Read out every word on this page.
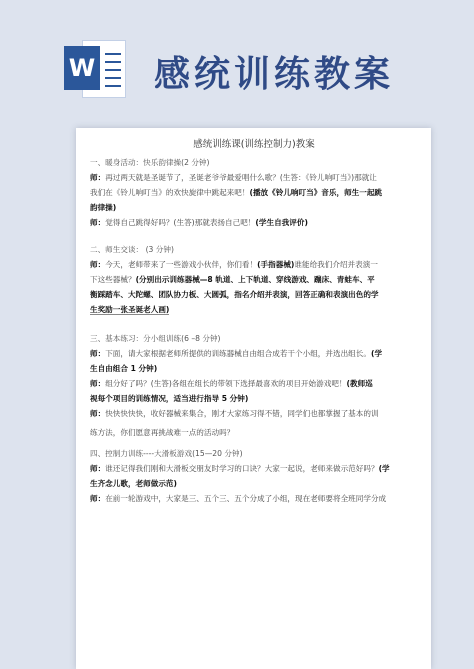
W 感统训练教案

感统训练课(训练控制力)教案

一、暖身活动：快乐韵律操(2 分钟)

师：再过两天就是圣诞节了，圣诞老爷爷最爱唱什么歌？(生答：《铃儿响叮当》)那就让

我们在《铃儿响叮当》的欢快旋律中跳起来吧！(播放《铃儿响叮当》音乐，师生一起跳

韵律操)

师：觉得自己跳得好吗？(生答)那就表扬自己吧！(学生自我评价)

二、师生交谈： (3 分钟)

师：今天，老师带来了一些游戏小伙伴，你们看！(手指器械)谁能给我们介绍并表演一

下这些器械？(分别出示训练器械—8 轨道、上下轨道、穿线游戏、蹦床、青蛙车、平

衡踩踏车、大陀螺、团队协力板、大圆弧，指名介绍并表演，回答正确和表演出色的学

生奖励一张圣诞老人画)

三、基本练习：分小组训练(6 –8 分钟)

师：下面，请大家根据老师所提供的训练器械自由组合成若干个小组，并选出组长。(学

生自由组合 1 分钟)

师：组分好了吗？(生答)各组在组长的带领下选择最喜欢的项目开始游戏吧！(教师巡

视每个项目的训练情况，适当进行指导 5 分钟)

师：快快快快快，收好器械来集合，刚才大家练习得不错，同学们也都掌握了基本的训

练方法，你们愿意再挑战难一点的活动吗？

四、控制力训练----大滑板游戏(15—20 分钟)

师：谁还记得我们刚和大滑板交朋友时学习的口诀？大家一起说，老师来做示范好吗？(学

生齐念儿歌，老师做示范)

师：在前一轮游戏中，大家是三、五个三、五个分成了小组，现在老师要将全班同学分成
